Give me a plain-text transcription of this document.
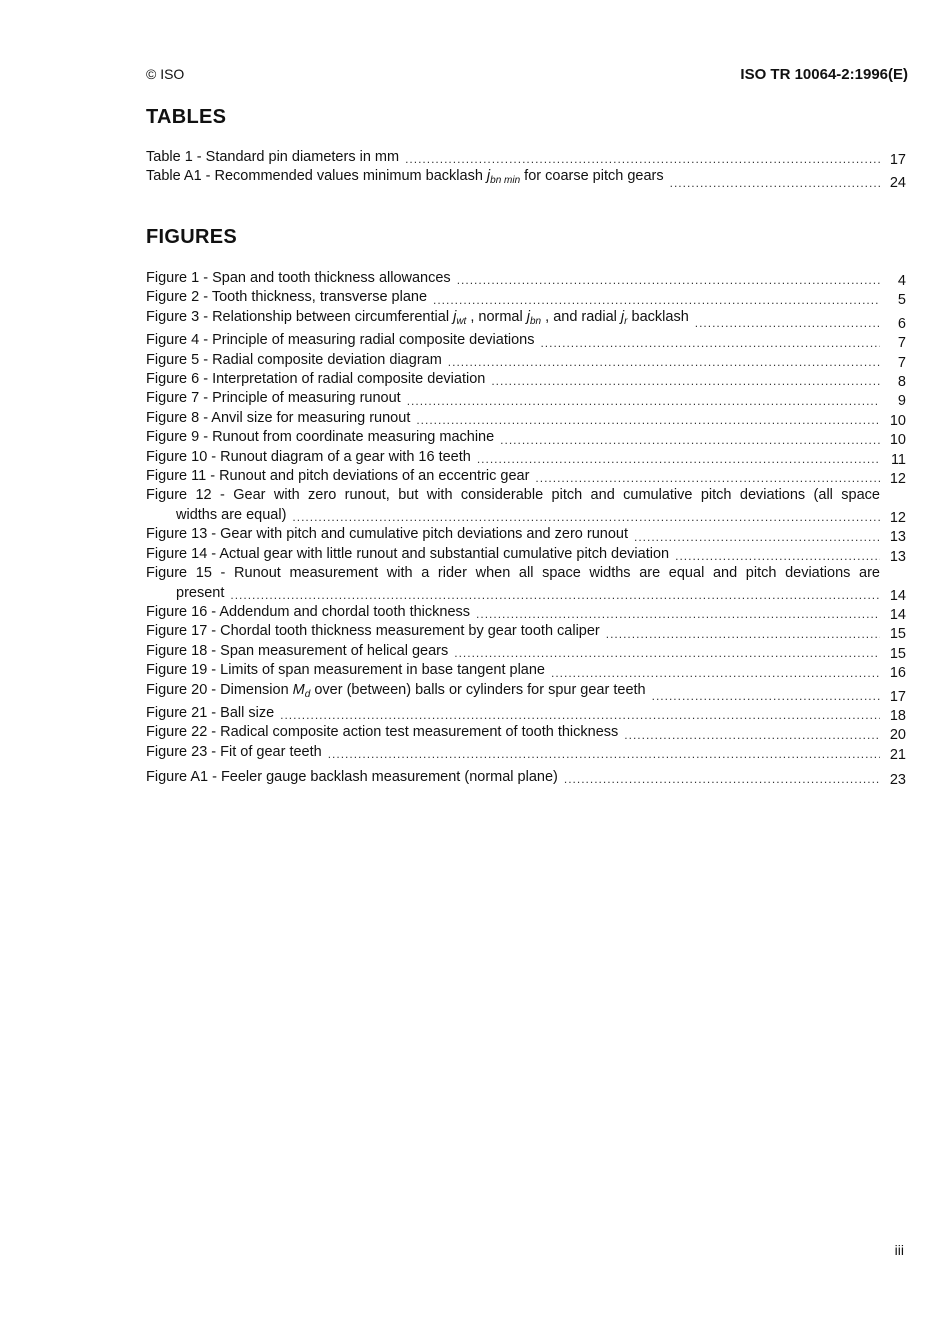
© ISO	ISO TR 10064-2:1996(E)
TABLES
Table 1 - Standard pin diameters in mm .....	17
Table A1 - Recommended values minimum backlash $j_{bn min}$ for coarse pitch gears .....	24
FIGURES
Figure 1 - Span and tooth thickness allowances .....	4
Figure 2 - Tooth thickness, transverse plane .....	5
Figure 3 - Relationship between circumferential $j_{wt}$ , normal $j_{bn}$ , and radial $j_r$ backlash .....	6
Figure 4 - Principle of measuring radial composite deviations .....	7
Figure 5 - Radial composite deviation diagram .....	7
Figure 6 - Interpretation of radial composite deviation .....	8
Figure 7 - Principle of measuring runout .....	9
Figure 8 - Anvil size for measuring runout .....	10
Figure 9 - Runout from coordinate measuring machine .....	10
Figure 10 - Runout diagram of a gear with 16 teeth .....	11
Figure 11 - Runout and pitch deviations of an eccentric gear .....	12
Figure 12 - Gear with zero runout, but with considerable pitch and cumulative pitch deviations (all space
widths are equal) .....	12
Figure 13 - Gear with pitch and cumulative pitch deviations and zero runout .....	13
Figure 14 - Actual gear with little runout and substantial cumulative pitch deviation .....	13
Figure 15 - Runout measurement with a rider when all space widths are equal and pitch deviations are
present .....	14
Figure 16 - Addendum and chordal tooth thickness .....	14
Figure 17 - Chordal tooth thickness measurement by gear tooth caliper .....	15
Figure 18 - Span measurement of helical gears .....	15
Figure 19 - Limits of span measurement in base tangent plane .....	16
Figure 20 - Dimension $M_d$ over (between) balls or cylinders for spur gear teeth .....	17
Figure 21 - Ball size .....	18
Figure 22 - Radical composite action test measurement of tooth thickness .....	20
Figure 23 - Fit of gear teeth .....	21
Figure A1 - Feeler gauge backlash measurement (normal plane) .....	23
iii
